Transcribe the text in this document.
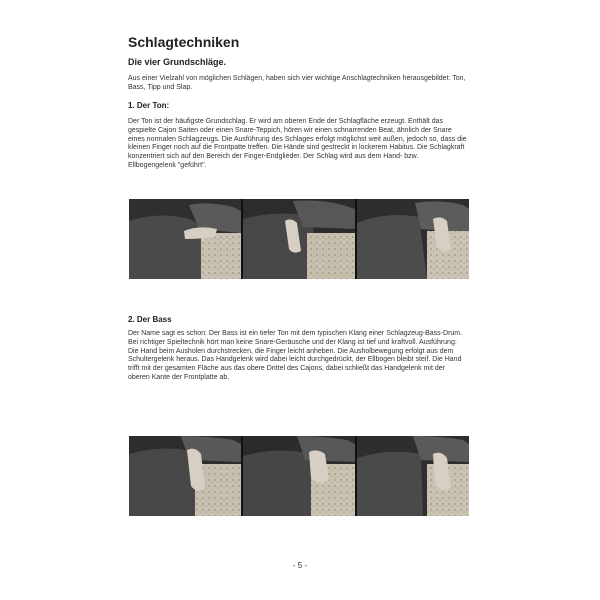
Schlagtechniken
Die vier Grundschläge.

Aus einer Vielzahl von möglichen Schlägen, haben sich vier wichtige Anschlagtechniken herausgebildet: Ton, Bass, Tipp und Slap.

1. Der Ton:

Der Ton ist der häufigste Grundschlag. Er wird am oberen Ende der Schlagfläche erzeugt. Enthält das gespielte Cajon Saiten oder einen Snare-Teppich, hören wir einen schnarrenden Beat, ähnlich der Snare eines normalen Schlagzeugs. Die Ausführung des Schlages erfolgt möglichst weit außen, jedoch so, dass die kleinen Finger noch auf die Frontpatte treffen. Die Hände sind gestreckt in lockerem Habitus. Die Schlagkraft konzentriert sich auf den Bereich der Finger-Endglieder. Der Schlag wird aus dem Hand- bzw. Ellbogengelenk "geführt".

2. Der Bass

Der Name sagt es schon: Der Bass ist ein tiefer Ton mit dem typischen Klang einer Schlagzeug-Bass-Drum. Bei richtiger Spieltechnik hört man keine Snare-Geräusche und der Klang ist tief und kraftvoll. Ausführung: Die Hand beim Ausholen durchstrecken, die Finger leicht anheben. Die Ausholbewegung erfolgt aus dem Schultergelenk heraus. Das Handgelenk wird dabei leicht durchgedrückt, der Ellbogen bleibt steif. Die Hand trifft mit der gesamten Fläche aus das obere Drittel des Cajons, dabei schließt das Handgelenk mit der oberen Kante der Frontplatte ab.

- 5 -
